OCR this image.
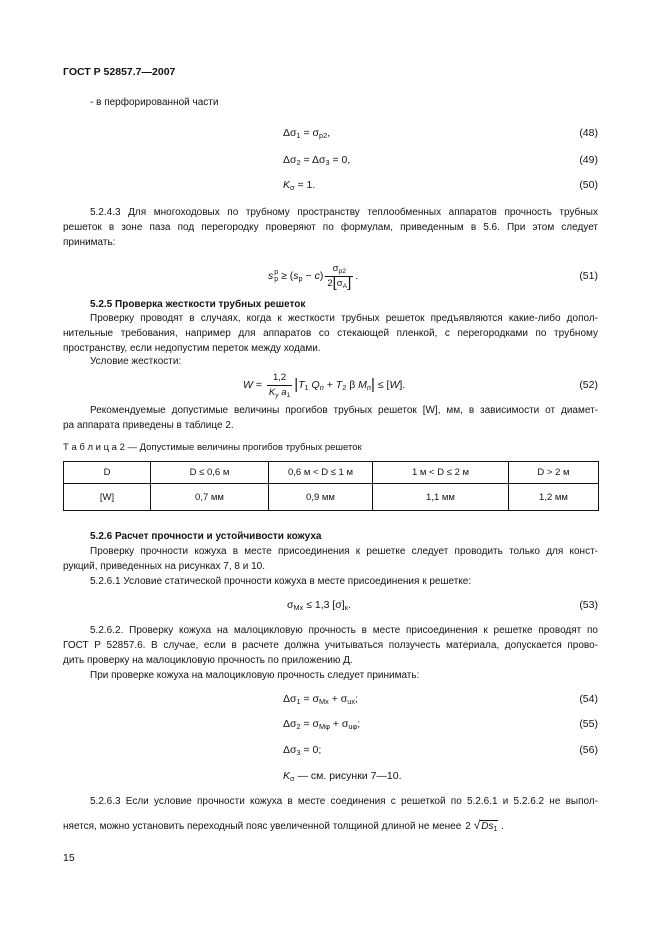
ГОСТ Р 52857.7—2007
- в перфорированной части
$\Delta\sigma_1 = \sigma_{р2}$,	(48)
$\Delta\sigma_2 = \Delta\sigma_3 = 0$,	(49)
$K_\sigma = 1$.	(50)
5.2.4.3 Для многоходовых по трубному пространству теплообменных аппаратов прочность трубных
решеток в зоне паза под перегородку проверяют по формулам, приведенным в 5.6. При этом следует
принимать:
s р
$р \ge (s_р - c) \frac{\sigma_{р2}}{2[\sigma_A]}$ .	(51)
5.2.5 Проверка жесткости трубных решеток
Проверку проводят в случаях, когда к жесткости трубных решеток предъявляются какие-либо допол-
нительные требования, например для аппаратов со стекающей пленкой, с перегородками по трубному
пространству, если недопустим переток между ходами.
Условие жесткости:
$W = \frac{1,2}{K_y a_1} |T_1$ $Q_n + T_2$ β $M_n| \le [W]$.	(52)
Рекомендуемые допустимые величины прогибов трубных решеток [W], мм, в зависимости от диамет-
ра аппарата приведены в таблице 2.
Т а б л и ц а 2 — Допустимые величины прогибов трубных решеток
D	D ≤ 0,6 м	0,6 м < D ≤ 1 м	1 м < D ≤ 2 м	D > 2 м
[W]	0,7 мм	0,9 мм	1,1 мм	1,2 мм
5.2.6 Расчет прочности и устойчивости кожуха
Проверку прочности кожуха в месте присоединения к решетке следует проводить только для конст-
рукций, приведенных на рисунках 7, 8 и 10.
5.2.6.1 Условие статической прочности кожуха в месте присоединения к решетке:
$\sigma_{Mx} \le 1,3$ $[\sigma]_к$.	(53)
5.2.6.2. Проверку кожуха на малоцикловую прочность в месте присоединения к решетке проводят по
ГОСТ Р 52857.6. В случае, если в расчете должна учитываться ползучесть материала, допускается прово-
дить проверку на малоцикловую прочность по приложению Д.
При проверке кожуха на малоцикловую прочность следует принимать:
$\Delta\sigma_1 = \sigma_{Mx} + \sigma_{ux}$;	(54)
$\Delta\sigma_2 = \sigma_{M\varphi} + \sigma_{u\varphi}$;	(55)
$\Delta\sigma_3 = 0$;	(56)
$K_\sigma$ — см. рисунки 7—10.
5.2.6.3 Если условие прочности кожуха в месте соединения с решеткой по 5.2.6.1 и 5.2.6.2 не выпол-
няется, можно установить переходный пояс увеличенной толщиной длиной не менее 2 $√Ds_1$ .
15
